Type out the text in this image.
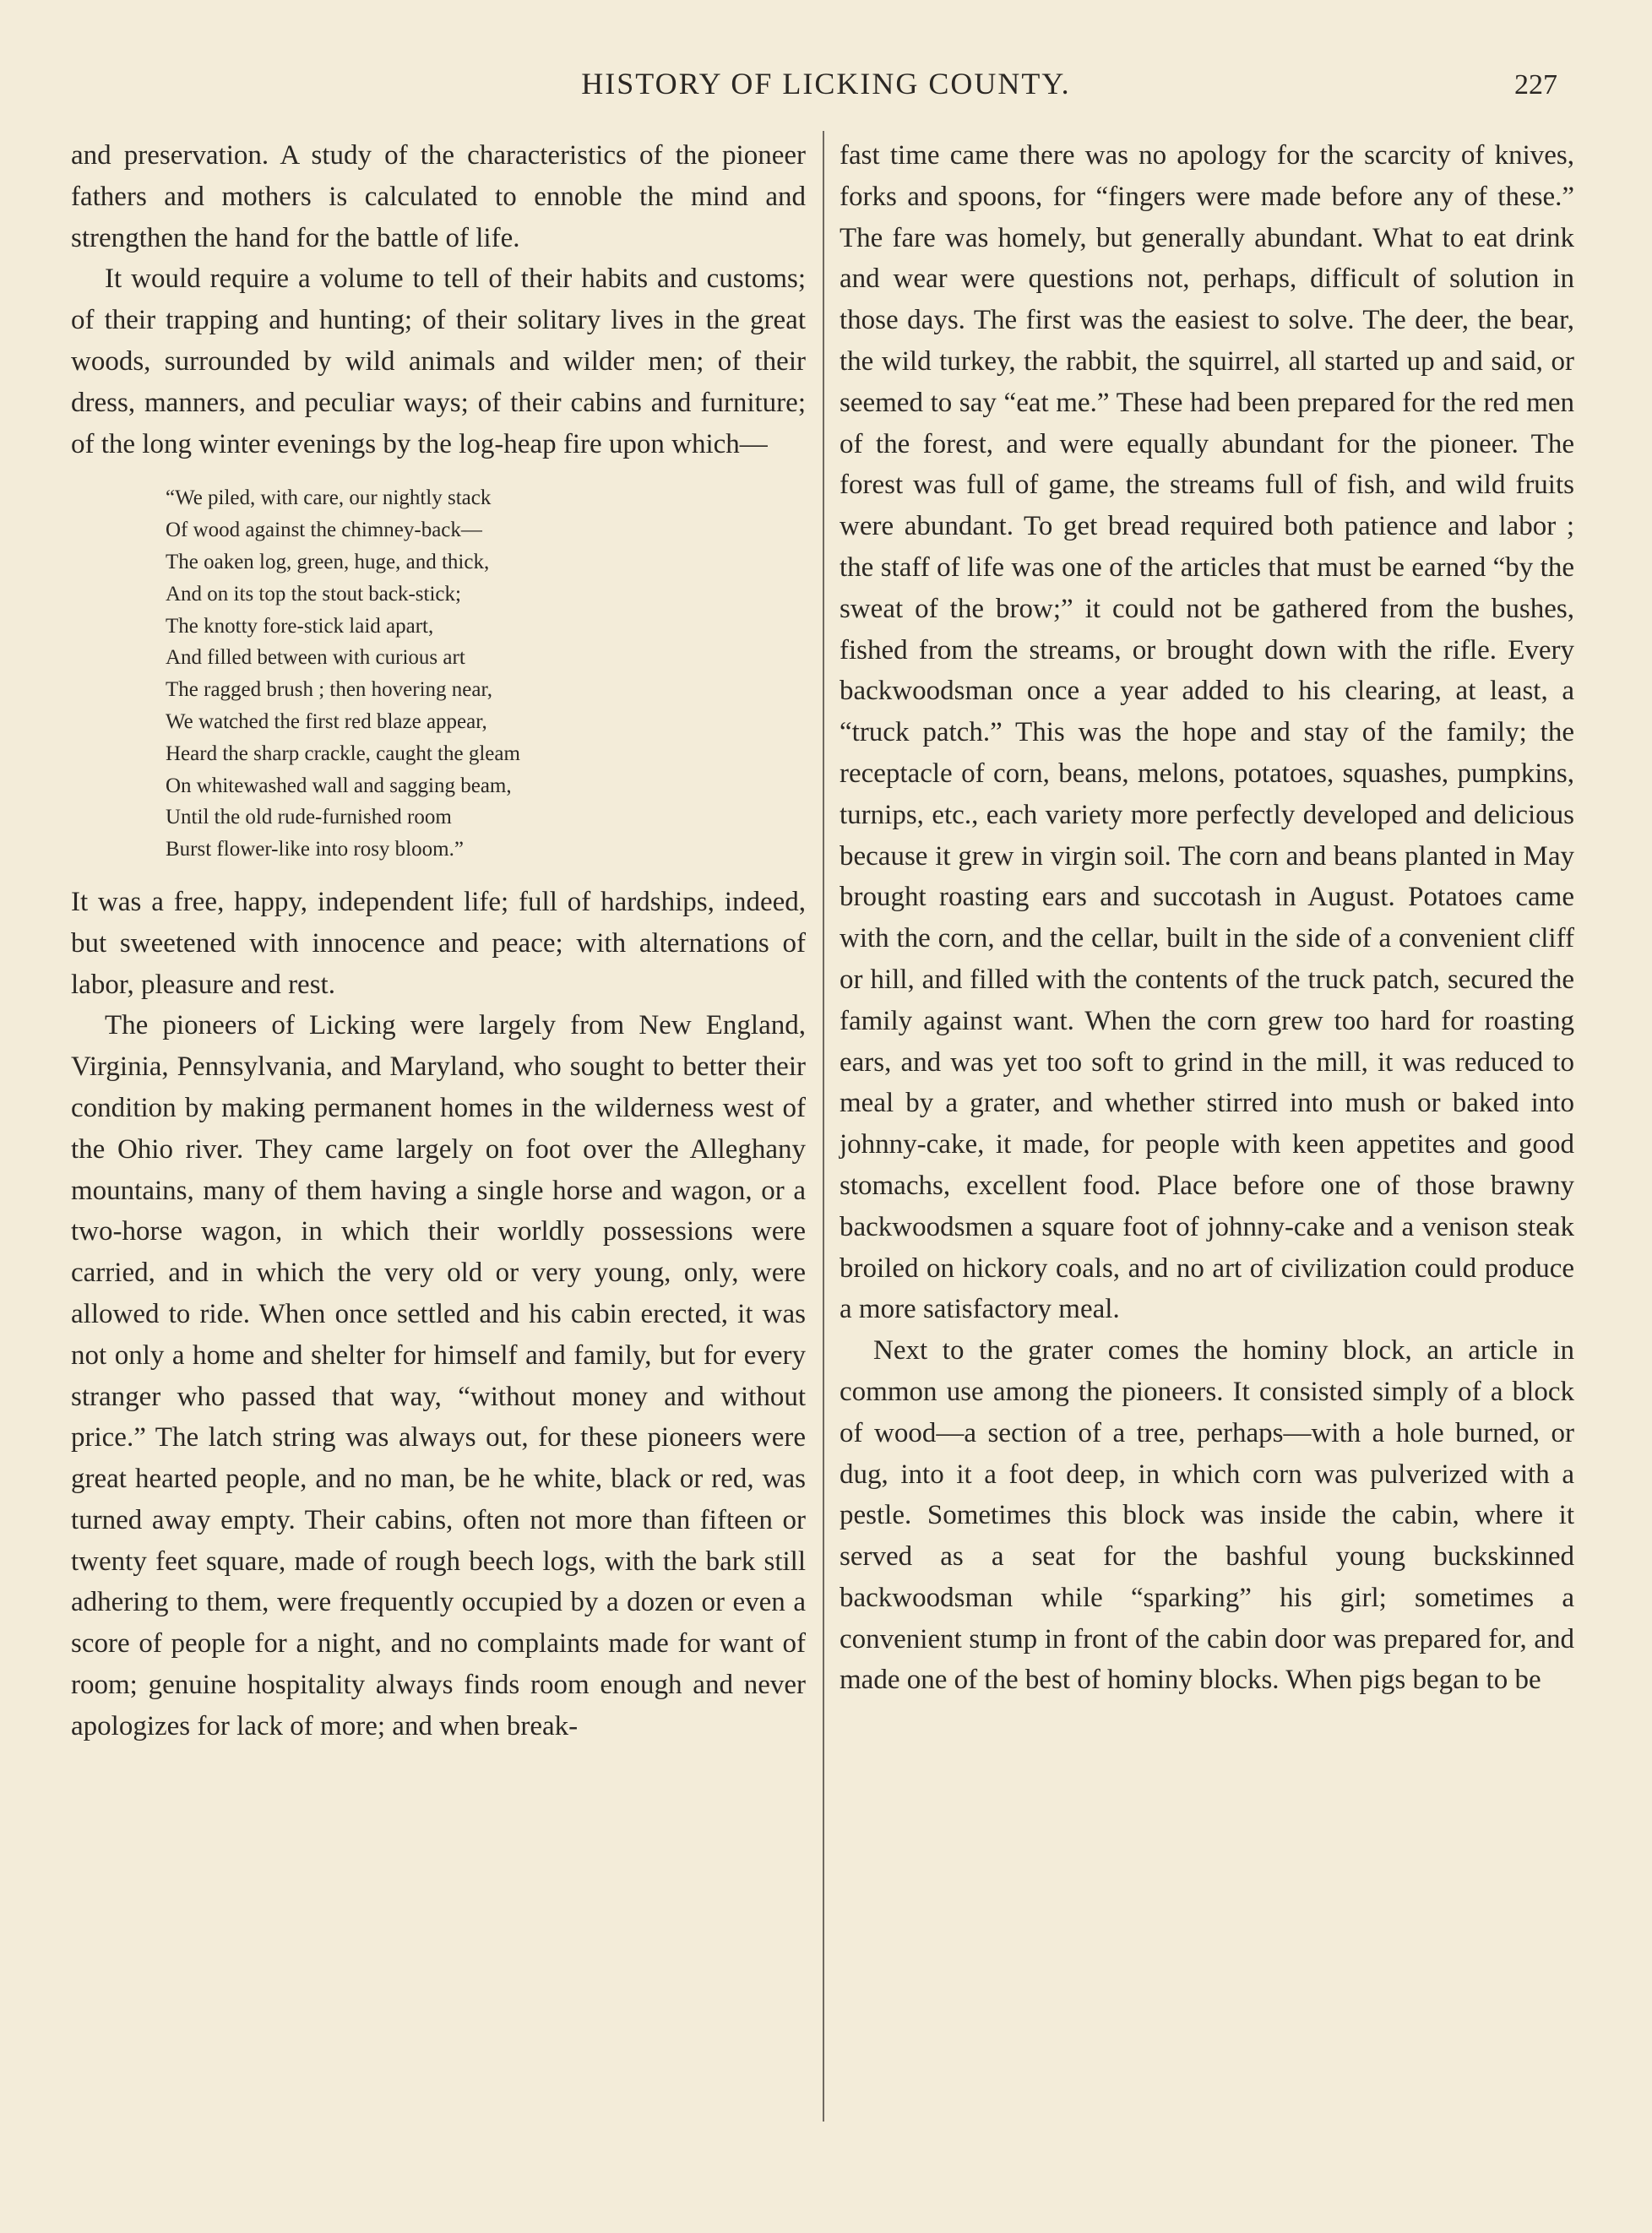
HISTORY OF LICKING COUNTY.	227

and preservation. A study of the characteristics of the pioneer fathers and mothers is calculated to ennoble the mind and strengthen the hand for the battle of life.

It would require a volume to tell of their habits and customs; of their trapping and hunting; of their solitary lives in the great woods, surrounded by wild animals and wilder men; of their dress, manners, and peculiar ways; of their cabins and furniture; of the long winter evenings by the log-heap fire upon which—

“We piled, with care, our nightly stack
Of wood against the chimney-back—
The oaken log, green, huge, and thick,
And on its top the stout back-stick;
The knotty fore-stick laid apart,
And filled between with curious art
The ragged brush ; then hovering near,
We watched the first red blaze appear,
Heard the sharp crackle, caught the gleam
On whitewashed wall and sagging beam,
Until the old rude-furnished room
Burst flower-like into rosy bloom.”

It was a free, happy, independent life; full of hardships, indeed, but sweetened with innocence and peace; with alternations of labor, pleasure and rest.

The pioneers of Licking were largely from New England, Virginia, Pennsylvania, and Maryland, who sought to better their condition by making permanent homes in the wilderness west of the Ohio river. They came largely on foot over the Alleghany mountains, many of them having a single horse and wagon, or a two-horse wagon, in which their worldly possessions were carried, and in which the very old or very young, only, were allowed to ride. When once settled and his cabin erected, it was not only a home and shelter for himself and family, but for every stranger who passed that way, “without money and without price.” The latch string was always out, for these pioneers were great hearted people, and no man, be he white, black or red, was turned away empty. Their cabins, often not more than fifteen or twenty feet square, made of rough beech logs, with the bark still adhering to them, were frequently occupied by a dozen or even a score of people for a night, and no complaints made for want of room; genuine hospitality always finds room enough and never apologizes for lack of more; and when break-

fast time came there was no apology for the scarcity of knives, forks and spoons, for “fingers were made before any of these.” The fare was homely, but generally abundant. What to eat drink and wear were questions not, perhaps, difficult of solution in those days. The first was the easiest to solve. The deer, the bear, the wild turkey, the rabbit, the squirrel, all started up and said, or seemed to say “eat me.” These had been prepared for the red men of the forest, and were equally abundant for the pioneer. The forest was full of game, the streams full of fish, and wild fruits were abundant. To get bread required both patience and labor ; the staff of life was one of the articles that must be earned “by the sweat of the brow;” it could not be gathered from the bushes, fished from the streams, or brought down with the rifle. Every backwoodsman once a year added to his clearing, at least, a “truck patch.” This was the hope and stay of the family; the receptacle of corn, beans, melons, potatoes, squashes, pumpkins, turnips, etc., each variety more perfectly developed and delicious because it grew in virgin soil. The corn and beans planted in May brought roasting ears and succotash in August. Potatoes came with the corn, and the cellar, built in the side of a convenient cliff or hill, and filled with the contents of the truck patch, secured the family against want. When the corn grew too hard for roasting ears, and was yet too soft to grind in the mill, it was reduced to meal by a grater, and whether stirred into mush or baked into johnny-cake, it made, for people with keen appetites and good stomachs, excellent food. Place before one of those brawny backwoodsmen a square foot of johnny-cake and a venison steak broiled on hickory coals, and no art of civilization could produce a more satisfactory meal.

Next to the grater comes the hominy block, an article in common use among the pioneers. It consisted simply of a block of wood—a section of a tree, perhaps—with a hole burned, or dug, into it a foot deep, in which corn was pulverized with a pestle. Sometimes this block was inside the cabin, where it served as a seat for the bashful young buckskinned backwoodsman while “sparking” his girl; sometimes a convenient stump in front of the cabin door was prepared for, and made one of the best of hominy blocks. When pigs began to be
